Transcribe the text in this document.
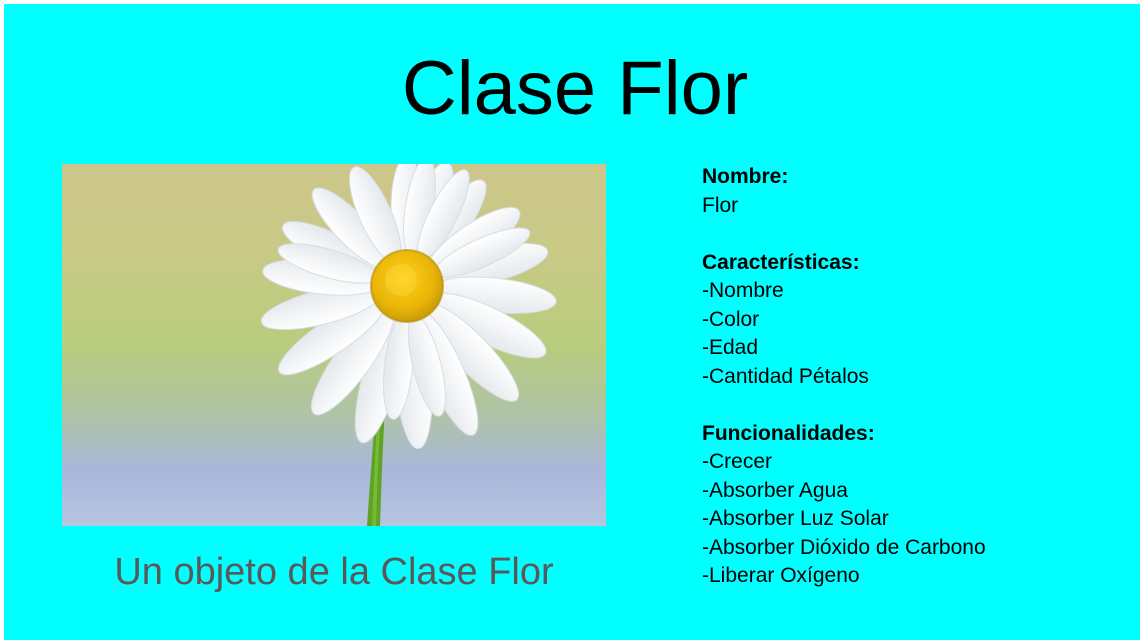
Clase Flor
Un objeto de la Clase Flor
Nombre:
Flor
Características:
-Nombre
-Color
-Edad
-Cantidad Pétalos
Funcionalidades:
-Crecer
-Absorber Agua
-Absorber Luz Solar
-Absorber Dióxido de Carbono
-Liberar Oxígeno
